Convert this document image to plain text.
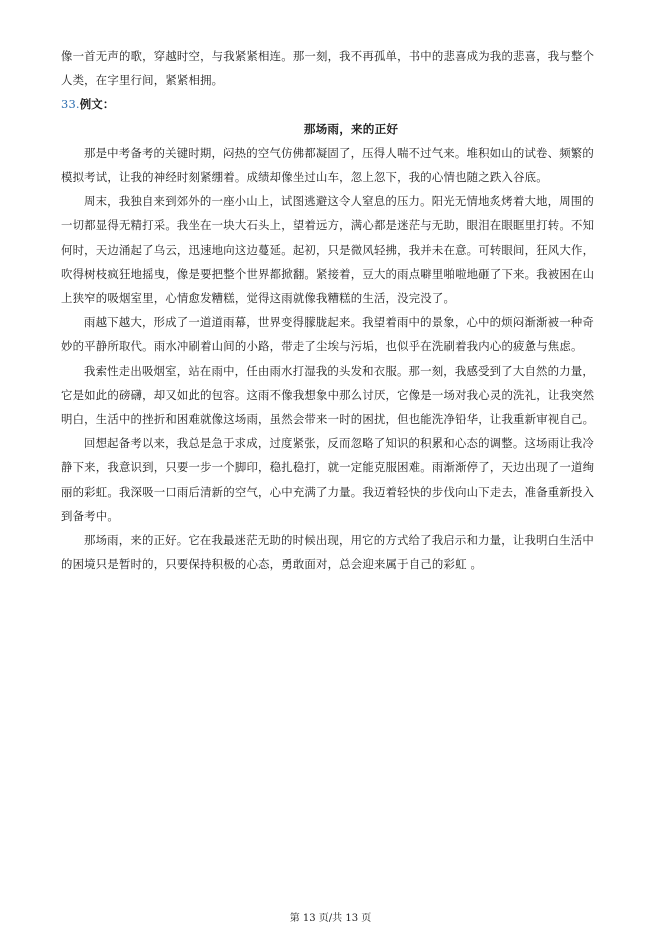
像一首无声的歌，穿越时空，与我紧紧相连。那一刻，我不再孤单，书中的悲喜成为我的悲喜，我与整个
人类，在字里行间，紧紧相拥。
33.例文：
那场雨，来的正好
那是中考备考的关键时期，闷热的空气仿佛都凝固了，压得人喘不过气来。堆积如山的试卷、频繁的
模拟考试，让我的神经时刻紧绷着。成绩却像坐过山车，忽上忽下，我的心情也随之跌入谷底。
周末，我独自来到郊外的一座小山上，试图逃避这令人窒息的压力。阳光无情地炙烤着大地，周围的
一切都显得无精打采。我坐在一块大石头上，望着远方，满心都是迷茫与无助，眼泪在眼眶里打转。不知
何时，天边涌起了乌云，迅速地向这边蔓延。起初，只是微风轻拂，我并未在意。可转眼间，狂风大作，
吹得树枝疯狂地摇曳，像是要把整个世界都掀翻。紧接着，豆大的雨点噼里啪啦地砸了下来。我被困在山
上狭窄的吸烟室里，心情愈发糟糕，觉得这雨就像我糟糕的生活，没完没了。
雨越下越大，形成了一道道雨幕，世界变得朦胧起来。我望着雨中的景象，心中的烦闷渐渐被一种奇
妙的平静所取代。雨水冲刷着山间的小路，带走了尘埃与污垢，也似乎在洗刷着我内心的疲惫与焦虑。
我索性走出吸烟室，站在雨中，任由雨水打湿我的头发和衣服。那一刻，我感受到了大自然的力量，
它是如此的磅礴，却又如此的包容。这雨不像我想象中那么讨厌，它像是一场对我心灵的洗礼，让我突然
明白，生活中的挫折和困难就像这场雨，虽然会带来一时的困扰，但也能洗净铅华，让我重新审视自己。
回想起备考以来，我总是急于求成，过度紧张，反而忽略了知识的积累和心态的调整。这场雨让我冷
静下来，我意识到，只要一步一个脚印，稳扎稳打，就一定能克服困难。雨渐渐停了，天边出现了一道绚
丽的彩虹。我深吸一口雨后清新的空气，心中充满了力量。我迈着轻快的步伐向山下走去，准备重新投入
到备考中。
那场雨，来的正好。它在我最迷茫无助的时候出现，用它的方式给了我启示和力量，让我明白生活中
的困境只是暂时的，只要保持积极的心态，勇敢面对，总会迎来属于自己的彩虹 。
第 13 页/共 13 页
